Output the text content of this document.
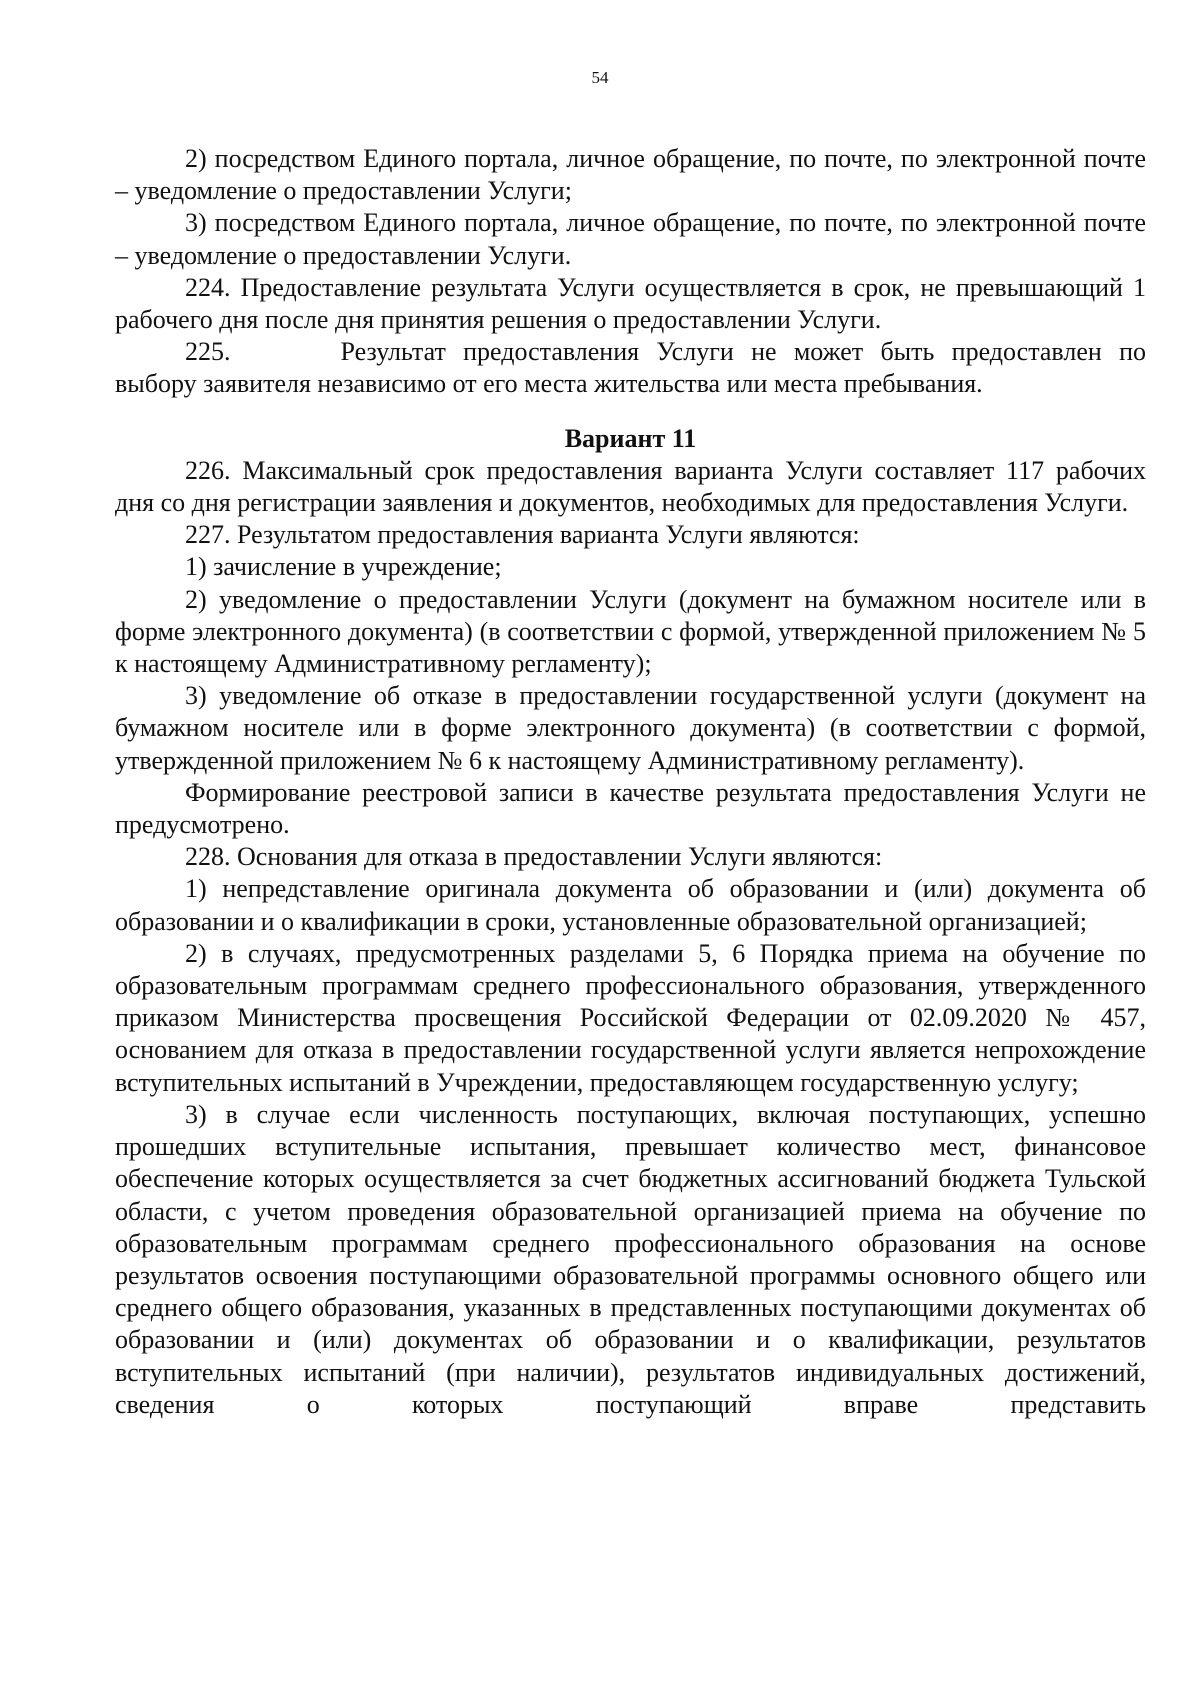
54

2) посредством Единого портала, личное обращение, по почте, по электронной почте – уведомление о предоставлении Услуги;

3) посредством Единого портала, личное обращение, по почте, по электронной почте – уведомление о предоставлении Услуги.

224. Предоставление результата Услуги осуществляется в срок, не превышающий 1 рабочего дня после дня принятия решения о предоставлении Услуги.

225.	Результат предоставления Услуги не может быть предоставлен по выбору заявителя независимо от его места жительства или места пребывания.

Вариант 11

226. Максимальный срок предоставления варианта Услуги составляет 117 рабочих дня со дня регистрации заявления и документов, необходимых для предоставления Услуги.

227. Результатом предоставления варианта Услуги являются:

1) зачисление в учреждение;

2) уведомление о предоставлении Услуги (документ на бумажном носителе или в форме электронного документа) (в соответствии с формой, утвержденной приложением № 5 к настоящему Административному регламенту);

3) уведомление об отказе в предоставлении государственной услуги (документ на бумажном носителе или в форме электронного документа) (в соответствии с формой, утвержденной приложением № 6 к настоящему Административному регламенту).

Формирование реестровой записи в качестве результата предоставления Услуги не предусмотрено.

228. Основания для отказа в предоставлении Услуги являются:

1) непредставление оригинала документа об образовании и (или) документа об образовании и о квалификации в сроки, установленные образовательной организацией;

2) в случаях, предусмотренных разделами 5, 6 Порядка приема на обучение по образовательным программам среднего профессионального образования, утвержденного приказом Министерства просвещения Российской Федерации от 02.09.2020 № 457, основанием для отказа в предоставлении государственной услуги является непрохождение вступительных испытаний в Учреждении, предоставляющем государственную услугу;

3) в случае если численность поступающих, включая поступающих, успешно прошедших вступительные испытания, превышает количество мест, финансовое обеспечение которых осуществляется за счет бюджетных ассигнований бюджета Тульской области, с учетом проведения образовательной организацией приема на обучение по образовательным программам среднего профессионального образования на основе результатов освоения поступающими образовательной программы основного общего или среднего общего образования, указанных в представленных поступающими документах об образовании и (или) документах об образовании и о квалификации, результатов вступительных испытаний (при наличии), результатов индивидуальных достижений, сведения о которых поступающий вправе представить
